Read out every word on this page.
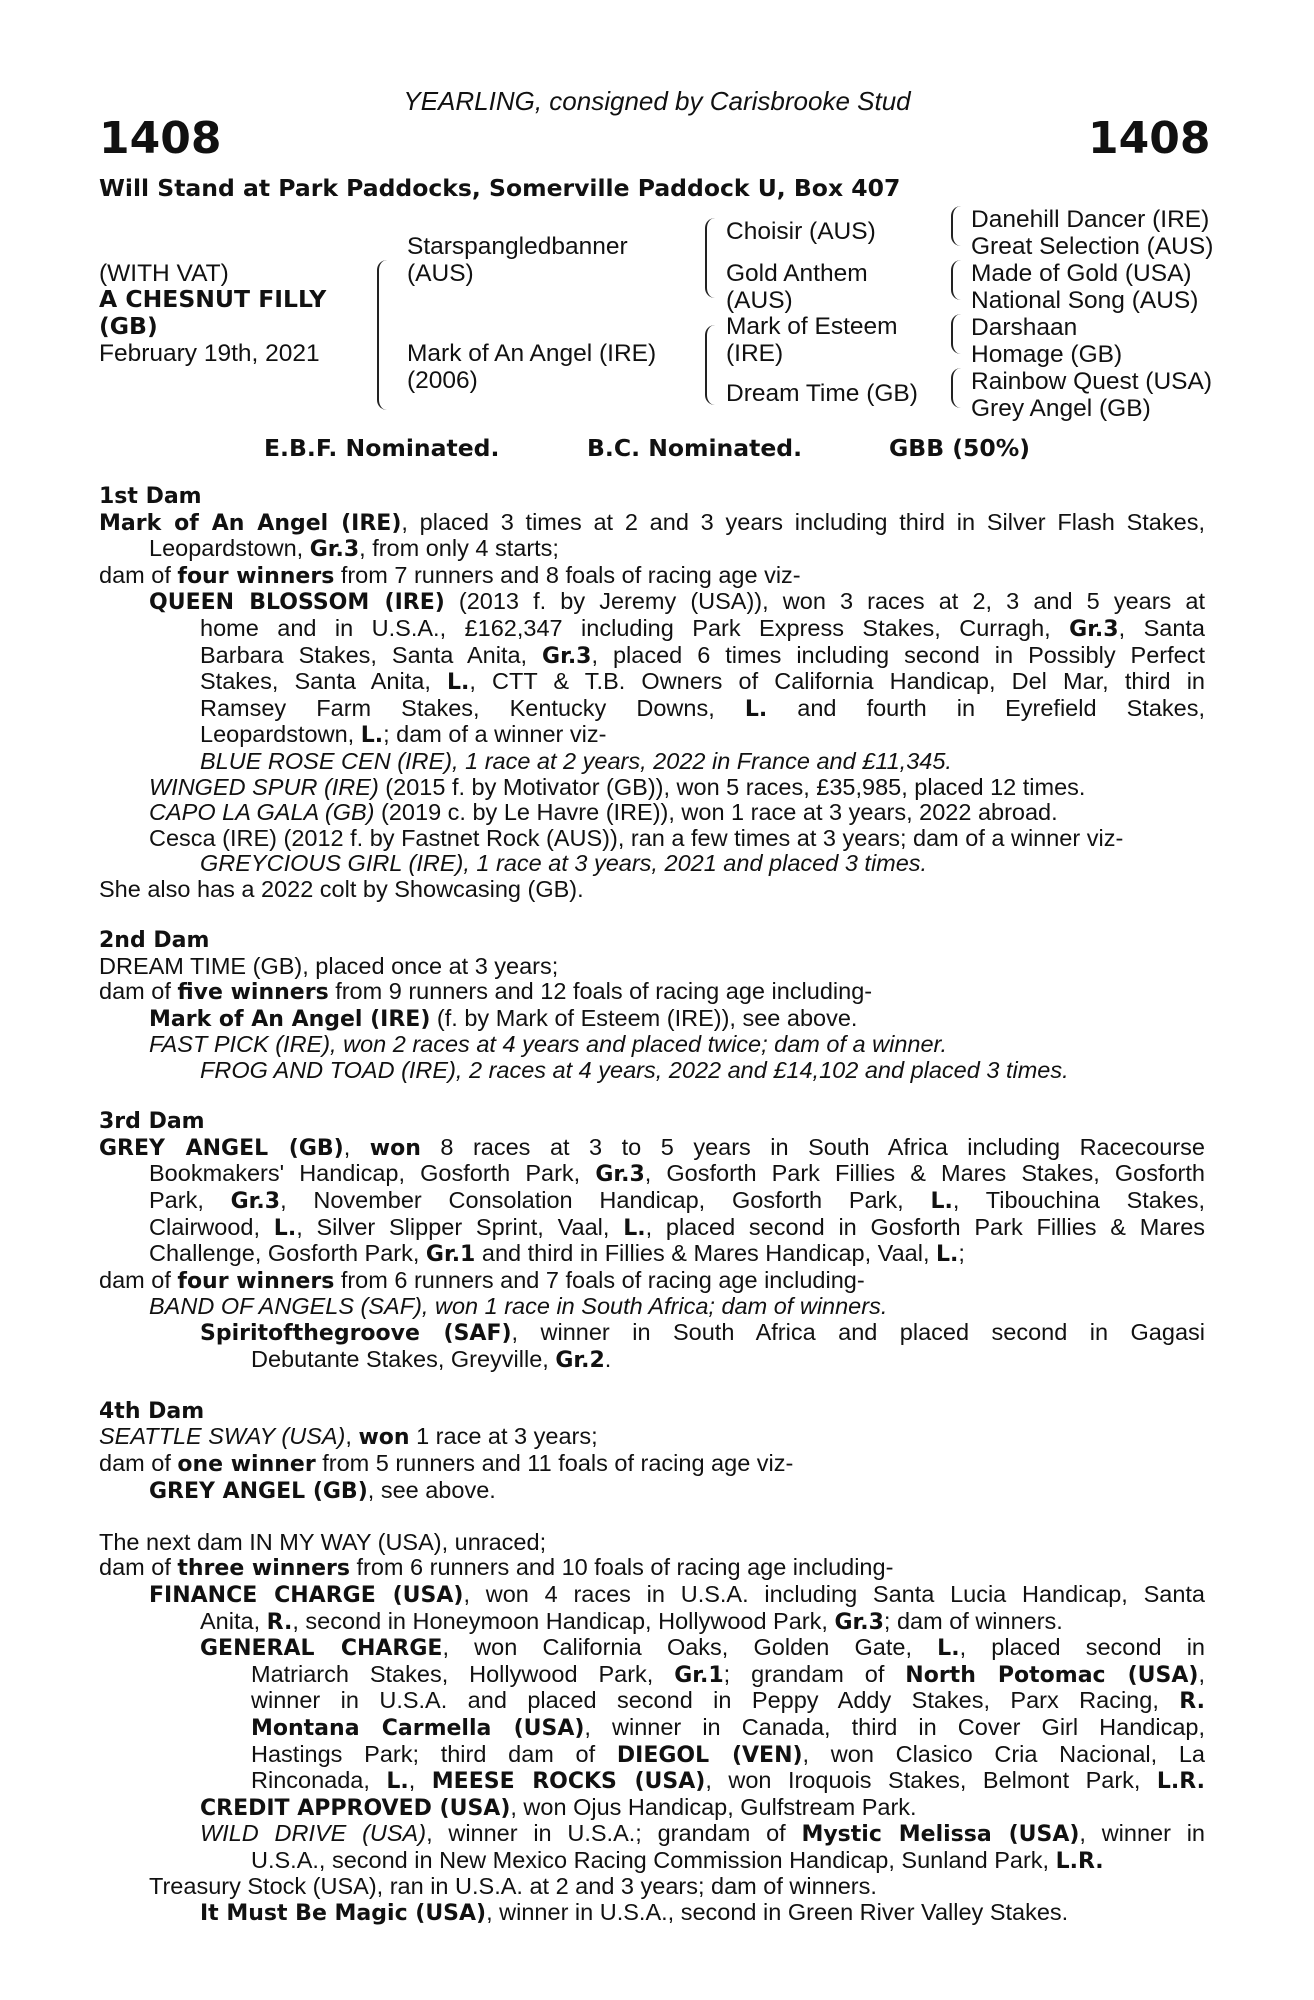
YEARLING, consigned by Carisbrooke Stud
1408	1408
Will Stand at Park Paddocks, Somerville Paddock U, Box 407
(WITH VAT)
A CHESNUT FILLY
(GB)
February 19th, 2021
Starspangledbanner
(AUS)
Mark of An Angel (IRE)
(2006)
Choisir (AUS)
Gold Anthem
(AUS)
Mark of Esteem
(IRE)
Dream Time (GB)
Danehill Dancer (IRE)
Great Selection (AUS)
Made of Gold (USA)
National Song (AUS)
Darshaan
Homage (GB)
Rainbow Quest (USA)
Grey Angel (GB)
E.B.F. Nominated.	B.C. Nominated.	GBB (50%)
1st Dam
Mark of An Angel (IRE), placed 3 times at 2 and 3 years including third in Silver Flash Stakes,
Leopardstown, Gr.3, from only 4 starts;
dam of four winners from 7 runners and 8 foals of racing age viz-
QUEEN BLOSSOM (IRE) (2013 f. by Jeremy (USA)), won 3 races at 2, 3 and 5 years at
home and in U.S.A., £162,347 including Park Express Stakes, Curragh, Gr.3, Santa
Barbara Stakes, Santa Anita, Gr.3, placed 6 times including second in Possibly Perfect
Stakes, Santa Anita, L., CTT & T.B. Owners of California Handicap, Del Mar, third in
Ramsey Farm Stakes, Kentucky Downs, L. and fourth in Eyrefield Stakes,
Leopardstown, L.; dam of a winner viz-
BLUE ROSE CEN (IRE), 1 race at 2 years, 2022 in France and £11,345.
WINGED SPUR (IRE) (2015 f. by Motivator (GB)), won 5 races, £35,985, placed 12 times.
CAPO LA GALA (GB) (2019 c. by Le Havre (IRE)), won 1 race at 3 years, 2022 abroad.
Cesca (IRE) (2012 f. by Fastnet Rock (AUS)), ran a few times at 3 years; dam of a winner viz-
GREYCIOUS GIRL (IRE), 1 race at 3 years, 2021 and placed 3 times.
She also has a 2022 colt by Showcasing (GB).
2nd Dam
DREAM TIME (GB), placed once at 3 years;
dam of five winners from 9 runners and 12 foals of racing age including-
Mark of An Angel (IRE) (f. by Mark of Esteem (IRE)), see above.
FAST PICK (IRE), won 2 races at 4 years and placed twice; dam of a winner.
FROG AND TOAD (IRE), 2 races at 4 years, 2022 and £14,102 and placed 3 times.
3rd Dam
GREY ANGEL (GB), won 8 races at 3 to 5 years in South Africa including Racecourse
Bookmakers' Handicap, Gosforth Park, Gr.3, Gosforth Park Fillies & Mares Stakes, Gosforth
Park, Gr.3, November Consolation Handicap, Gosforth Park, L., Tibouchina Stakes,
Clairwood, L., Silver Slipper Sprint, Vaal, L., placed second in Gosforth Park Fillies & Mares
Challenge, Gosforth Park, Gr.1 and third in Fillies & Mares Handicap, Vaal, L.;
dam of four winners from 6 runners and 7 foals of racing age including-
BAND OF ANGELS (SAF), won 1 race in South Africa; dam of winners.
Spiritofthegroove (SAF), winner in South Africa and placed second in Gagasi
Debutante Stakes, Greyville, Gr.2.
4th Dam
SEATTLE SWAY (USA), won 1 race at 3 years;
dam of one winner from 5 runners and 11 foals of racing age viz-
GREY ANGEL (GB), see above.
The next dam IN MY WAY (USA), unraced;
dam of three winners from 6 runners and 10 foals of racing age including-
FINANCE CHARGE (USA), won 4 races in U.S.A. including Santa Lucia Handicap, Santa
Anita, R., second in Honeymoon Handicap, Hollywood Park, Gr.3; dam of winners.
GENERAL CHARGE, won California Oaks, Golden Gate, L., placed second in
Matriarch Stakes, Hollywood Park, Gr.1; grandam of North Potomac (USA),
winner in U.S.A. and placed second in Peppy Addy Stakes, Parx Racing, R.
Montana Carmella (USA), winner in Canada, third in Cover Girl Handicap,
Hastings Park; third dam of DIEGOL (VEN), won Clasico Cria Nacional, La
Rinconada, L., MEESE ROCKS (USA), won Iroquois Stakes, Belmont Park, L.R.
CREDIT APPROVED (USA), won Ojus Handicap, Gulfstream Park.
WILD DRIVE (USA), winner in U.S.A.; grandam of Mystic Melissa (USA), winner in
U.S.A., second in New Mexico Racing Commission Handicap, Sunland Park, L.R.
Treasury Stock (USA), ran in U.S.A. at 2 and 3 years; dam of winners.
It Must Be Magic (USA), winner in U.S.A., second in Green River Valley Stakes.
